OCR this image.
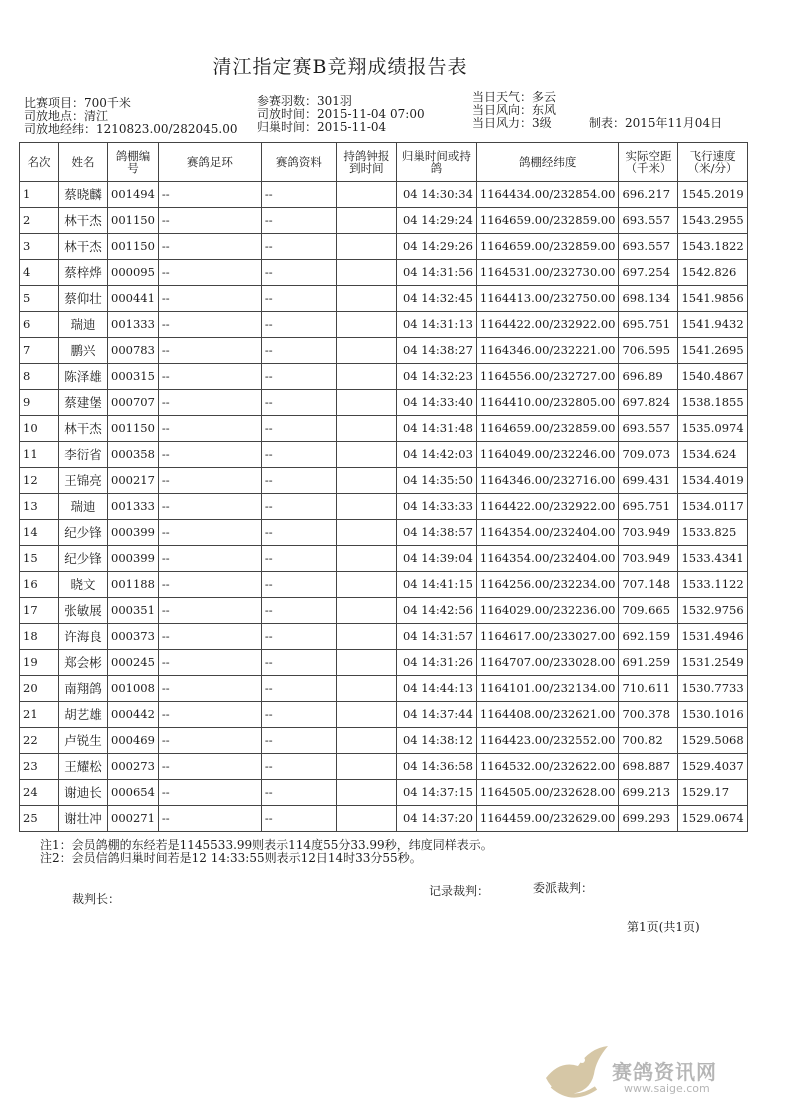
清江指定赛B竞翔成绩报告表
比赛项目：700千米
司放地点：清江
司放地经纬：1210823.00/282045.00
参赛羽数：301羽
司放时间：2015-11-04 07:00
归巢时间：2015-11-04
当日天气：多云
当日风向：东风
当日风力：3级	制表：2015年11月04日
名次	姓名	鸽棚编号	赛鸽足环	赛鸽资料	持鸽钟报到时间	归巢时间或持鸽	鸽棚经纬度	实际空距（千米）	飞行速度（米/分）
1	蔡晓麟	001494	--	--		04 14:30:34	1164434.00/232854.00	696.217	1545.2019
2	林干杰	001150	--	--		04 14:29:24	1164659.00/232859.00	693.557	1543.2955
3	林干杰	001150	--	--		04 14:29:26	1164659.00/232859.00	693.557	1543.1822
4	蔡梓烨	000095	--	--		04 14:31:56	1164531.00/232730.00	697.254	1542.826
5	蔡仰壮	000441	--	--		04 14:32:45	1164413.00/232750.00	698.134	1541.9856
6	瑞迪	001333	--	--		04 14:31:13	1164422.00/232922.00	695.751	1541.9432
7	鹏兴	000783	--	--		04 14:38:27	1164346.00/232221.00	706.595	1541.2695
8	陈泽雄	000315	--	--		04 14:32:23	1164556.00/232727.00	696.89	1540.4867
9	蔡建堡	000707	--	--		04 14:33:40	1164410.00/232805.00	697.824	1538.1855
10	林干杰	001150	--	--		04 14:31:48	1164659.00/232859.00	693.557	1535.0974
11	李衍省	000358	--	--		04 14:42:03	1164049.00/232246.00	709.073	1534.624
12	王锦亮	000217	--	--		04 14:35:50	1164346.00/232716.00	699.431	1534.4019
13	瑞迪	001333	--	--		04 14:33:33	1164422.00/232922.00	695.751	1534.0117
14	纪少锋	000399	--	--		04 14:38:57	1164354.00/232404.00	703.949	1533.825
15	纪少锋	000399	--	--		04 14:39:04	1164354.00/232404.00	703.949	1533.4341
16	晓文	001188	--	--		04 14:41:15	1164256.00/232234.00	707.148	1533.1122
17	张敏展	000351	--	--		04 14:42:56	1164029.00/232236.00	709.665	1532.9756
18	许海良	000373	--	--		04 14:31:57	1164617.00/233027.00	692.159	1531.4946
19	郑会彬	000245	--	--		04 14:31:26	1164707.00/233028.00	691.259	1531.2549
20	南翔鸽	001008	--	--		04 14:44:13	1164101.00/232134.00	710.611	1530.7733
21	胡艺雄	000442	--	--		04 14:37:44	1164408.00/232621.00	700.378	1530.1016
22	卢锐生	000469	--	--		04 14:38:12	1164423.00/232552.00	700.82	1529.5068
23	王耀松	000273	--	--		04 14:36:58	1164532.00/232622.00	698.887	1529.4037
24	谢迪长	000654	--	--		04 14:37:15	1164505.00/232628.00	699.213	1529.17
25	谢壮冲	000271	--	--		04 14:37:20	1164459.00/232629.00	699.293	1529.0674
注1：会员鸽棚的东经若是1145533.99则表示114度55分33.99秒，纬度同样表示。
注2：会员信鸽归巢时间若是12 14:33:55则表示12日14时33分55秒。
裁判长：
记录裁判：	委派裁判：
第1页(共1页)
赛鸽资讯网
www.saige.com
